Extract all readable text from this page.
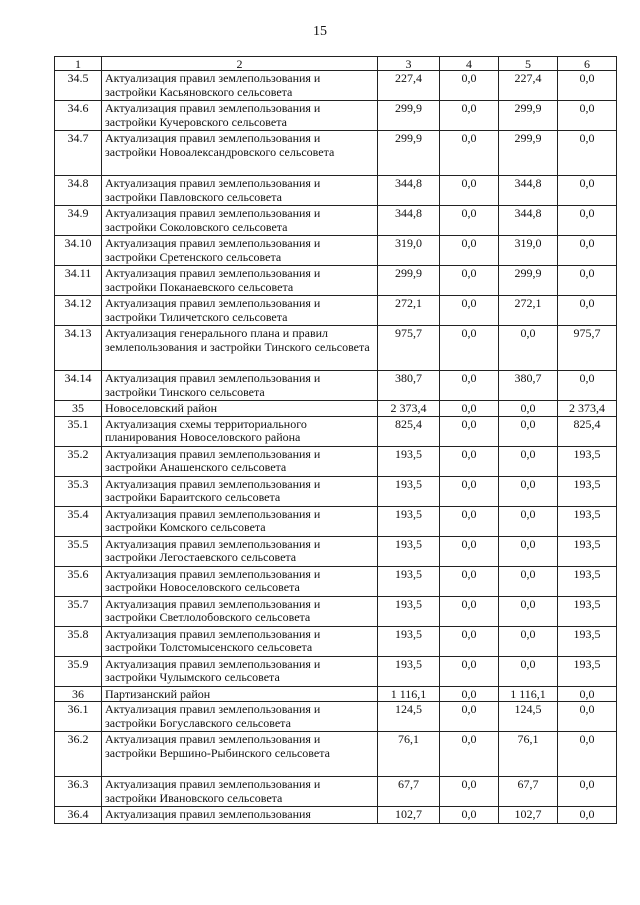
15
1	2	3	4	5	6
34.5	Актуализация правил землепользования и застройки Касьяновского сельсовета	227,4	0,0	227,4	0,0
34.6	Актуализация правил землепользования и застройки Кучеровского сельсовета	299,9	0,0	299,9	0,0
34.7	Актуализация правил землепользования и застройки Новоалександровского сельсовета	299,9	0,0	299,9	0,0
34.8	Актуализация правил землепользования и застройки Павловского сельсовета	344,8	0,0	344,8	0,0
34.9	Актуализация правил землепользования и застройки Соколовского сельсовета	344,8	0,0	344,8	0,0
34.10	Актуализация правил землепользования и застройки Сретенского сельсовета	319,0	0,0	319,0	0,0
34.11	Актуализация правил землепользования и застройки Поканаевского сельсовета	299,9	0,0	299,9	0,0
34.12	Актуализация правил землепользования и застройки Тиличетского сельсовета	272,1	0,0	272,1	0,0
34.13	Актуализация генерального плана и правил землепользования и застройки Тинского сельсовета	975,7	0,0	0,0	975,7
34.14	Актуализация правил землепользования и застройки Тинского сельсовета	380,7	0,0	380,7	0,0
35	Новоселовский район	2 373,4	0,0	0,0	2 373,4
35.1	Актуализация схемы территориального планирования Новоселовского района	825,4	0,0	0,0	825,4
35.2	Актуализация правил землепользования и застройки Анашенского сельсовета	193,5	0,0	0,0	193,5
35.3	Актуализация правил землепользования и застройки Бараитского сельсовета	193,5	0,0	0,0	193,5
35.4	Актуализация правил землепользования и застройки Комского сельсовета	193,5	0,0	0,0	193,5
35.5	Актуализация правил землепользования и застройки Легостаевского сельсовета	193,5	0,0	0,0	193,5
35.6	Актуализация правил землепользования и застройки Новоселовского сельсовета	193,5	0,0	0,0	193,5
35.7	Актуализация правил землепользования и застройки Светлолобовского сельсовета	193,5	0,0	0,0	193,5
35.8	Актуализация правил землепользования и застройки Толстомысенского сельсовета	193,5	0,0	0,0	193,5
35.9	Актуализация правил землепользования и застройки Чулымского сельсовета	193,5	0,0	0,0	193,5
36	Партизанский район	1 116,1	0,0	1 116,1	0,0
36.1	Актуализация правил землепользования и застройки Богуславского сельсовета	124,5	0,0	124,5	0,0
36.2	Актуализация правил землепользования и застройки Вершино-Рыбинского сельсовета	76,1	0,0	76,1	0,0
36.3	Актуализация правил землепользования и застройки Ивановского сельсовета	67,7	0,0	67,7	0,0
36.4	Актуализация правил землепользования	102,7	0,0	102,7	0,0
